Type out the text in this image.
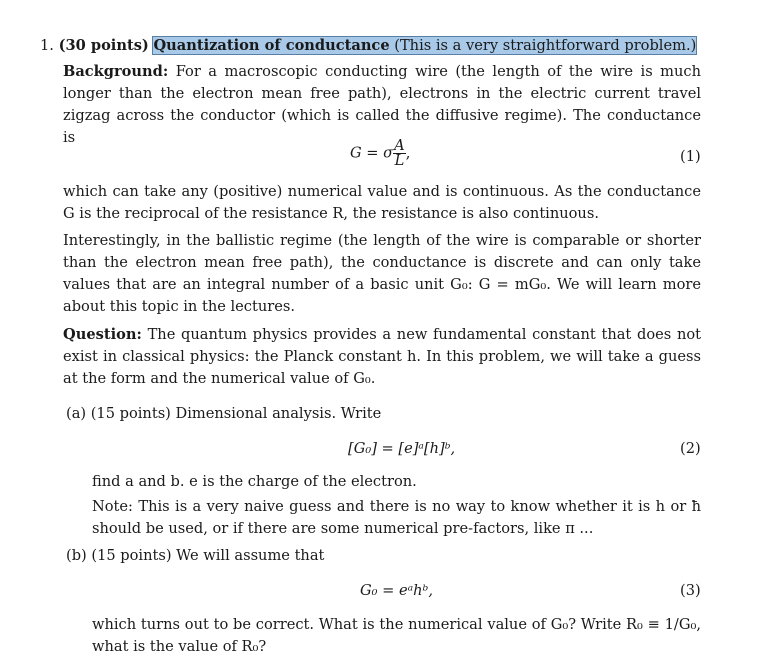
1. (30 points) Quantization of conductance (This is a very straightforward problem.)
Background: For a macroscopic conducting wire (the length of the wire is much longer than the electron mean free path), electrons in the electric current travel zigzag across the conductor (which is called the diffusive regime). The conductance is
G = σ $\frac{A}{L}$ ,	(1)
which can take any (positive) numerical value and is continuous. As the conductance G is the reciprocal of the resistance R, the resistance is also continuous.
Interestingly, in the ballistic regime (the length of the wire is comparable or shorter than the electron mean free path), the conductance is discrete and can only take values that are an integral number of a basic unit G₀: G = mG₀. We will learn more about this topic in the lectures.
Question: The quantum physics provides a new fundamental constant that does not exist in classical physics: the Planck constant h. In this problem, we will take a guess at the form and the numerical value of G₀.
(a) (15 points) Dimensional analysis. Write
[G₀] = [e]ᵃ[h]ᵇ,	(2)
find a and b. e is the charge of the electron.
Note: This is a very naive guess and there is no way to know whether it is h or ħ should be used, or if there are some numerical pre-factors, like π ...
(b) (15 points) We will assume that
G₀ = eᵃhᵇ,	(3)
which turns out to be correct. What is the numerical value of G₀? Write R₀ ≡ 1/G₀, what is the value of R₀?
